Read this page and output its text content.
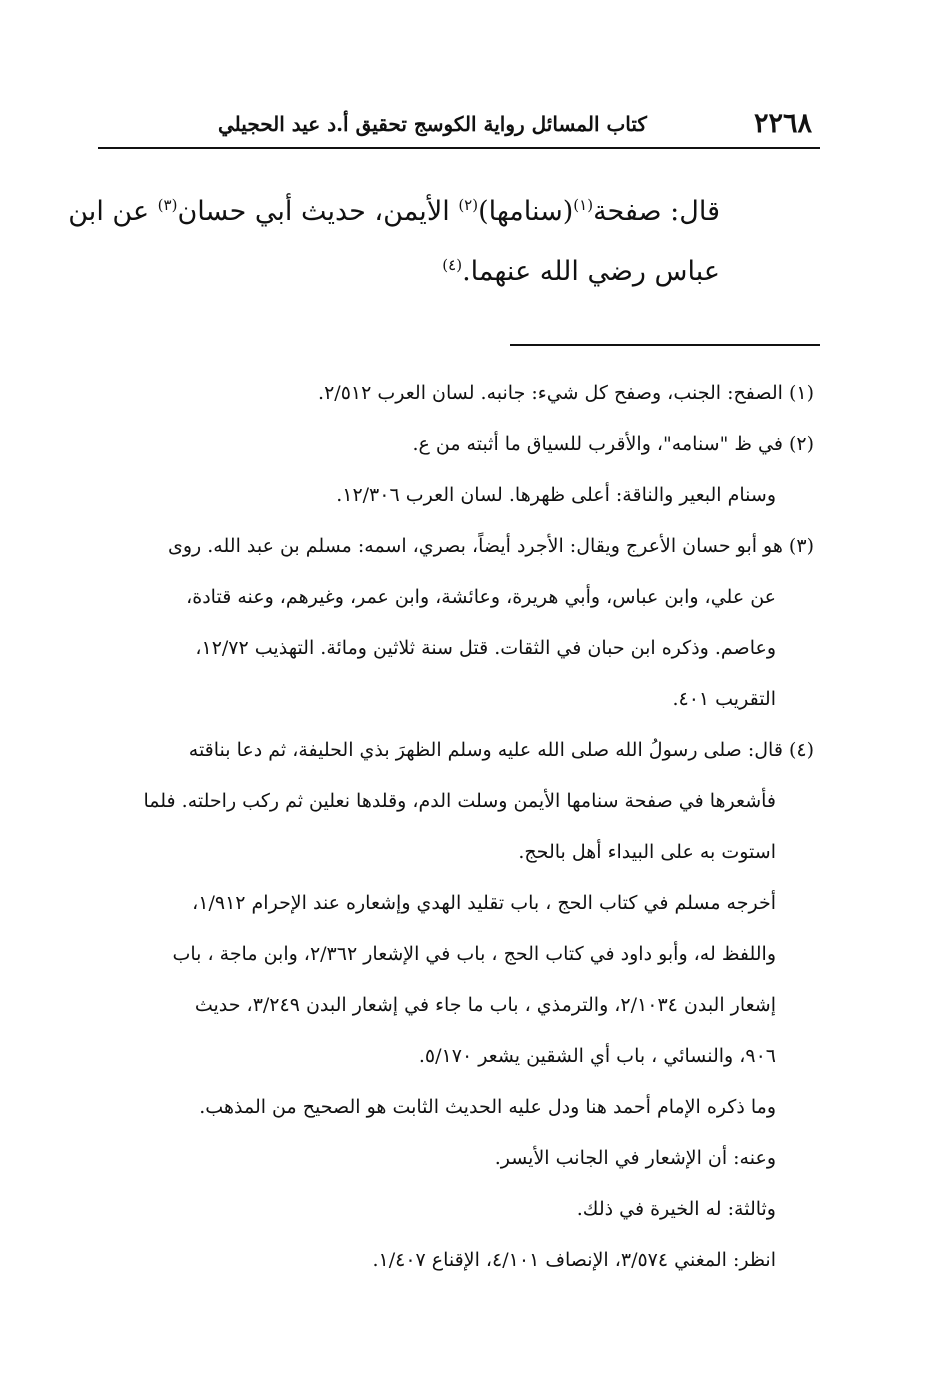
٢٢٦٨
كتاب المسائل رواية الكوسج تحقيق أ.د عيد الحجيلي
قال: صفحة$^{(١)}$(سنامها)$^{(٢)}$ الأيمن، حديث أبي حسان$^{(٣)}$ عن ابن
عباس رضي الله عنهما.$^{(٤)}$
(١) الصفح: الجنب، وصفح كل شيء: جانبه. لسان العرب ٢/٥١٢.
(٢) في ظ "سنامه"، والأقرب للسياق ما أثبته من ع.
وسنام البعير والناقة: أعلى ظهرها. لسان العرب ١٢/٣٠٦.
(٣) هو أبو حسان الأعرج ويقال: الأجرد أيضاً، بصري، اسمه: مسلم بن عبد الله. روى
عن علي، وابن عباس، وأبي هريرة، وعائشة، وابن عمر، وغيرهم، وعنه قتادة،
وعاصم. وذكره ابن حبان في الثقات. قتل سنة ثلاثين ومائة. التهذيب ١٢/٧٢،
التقريب ٤٠١.
(٤) قال: صلى رسولُ الله صلى الله عليه وسلم الظهرَ بذي الحليفة، ثم دعا بناقته
فأشعرها في صفحة سنامها الأيمن وسلت الدم، وقلدها نعلين ثم ركب راحلته. فلما
استوت به على البيداء أهل بالحج.
أخرجه مسلم في كتاب الحج ، باب تقليد الهدي وإشعاره عند الإحرام ١/٩١٢،
واللفظ له، وأبو داود في كتاب الحج ، باب في الإشعار ٢/٣٦٢، وابن ماجة ، باب
إشعار البدن ٢/١٠٣٤، والترمذي ، باب ما جاء في إشعار البدن ٣/٢٤٩، حديث
٩٠٦، والنسائي ، باب أي الشقين يشعر ٥/١٧٠.
وما ذكره الإمام أحمد هنا ودل عليه الحديث الثابت هو الصحيح من المذهب.
وعنه: أن الإشعار في الجانب الأيسر.
وثالثة: له الخيرة في ذلك.
انظر: المغني ٣/٥٧٤، الإنصاف ٤/١٠١، الإقناع ١/٤٠٧.
